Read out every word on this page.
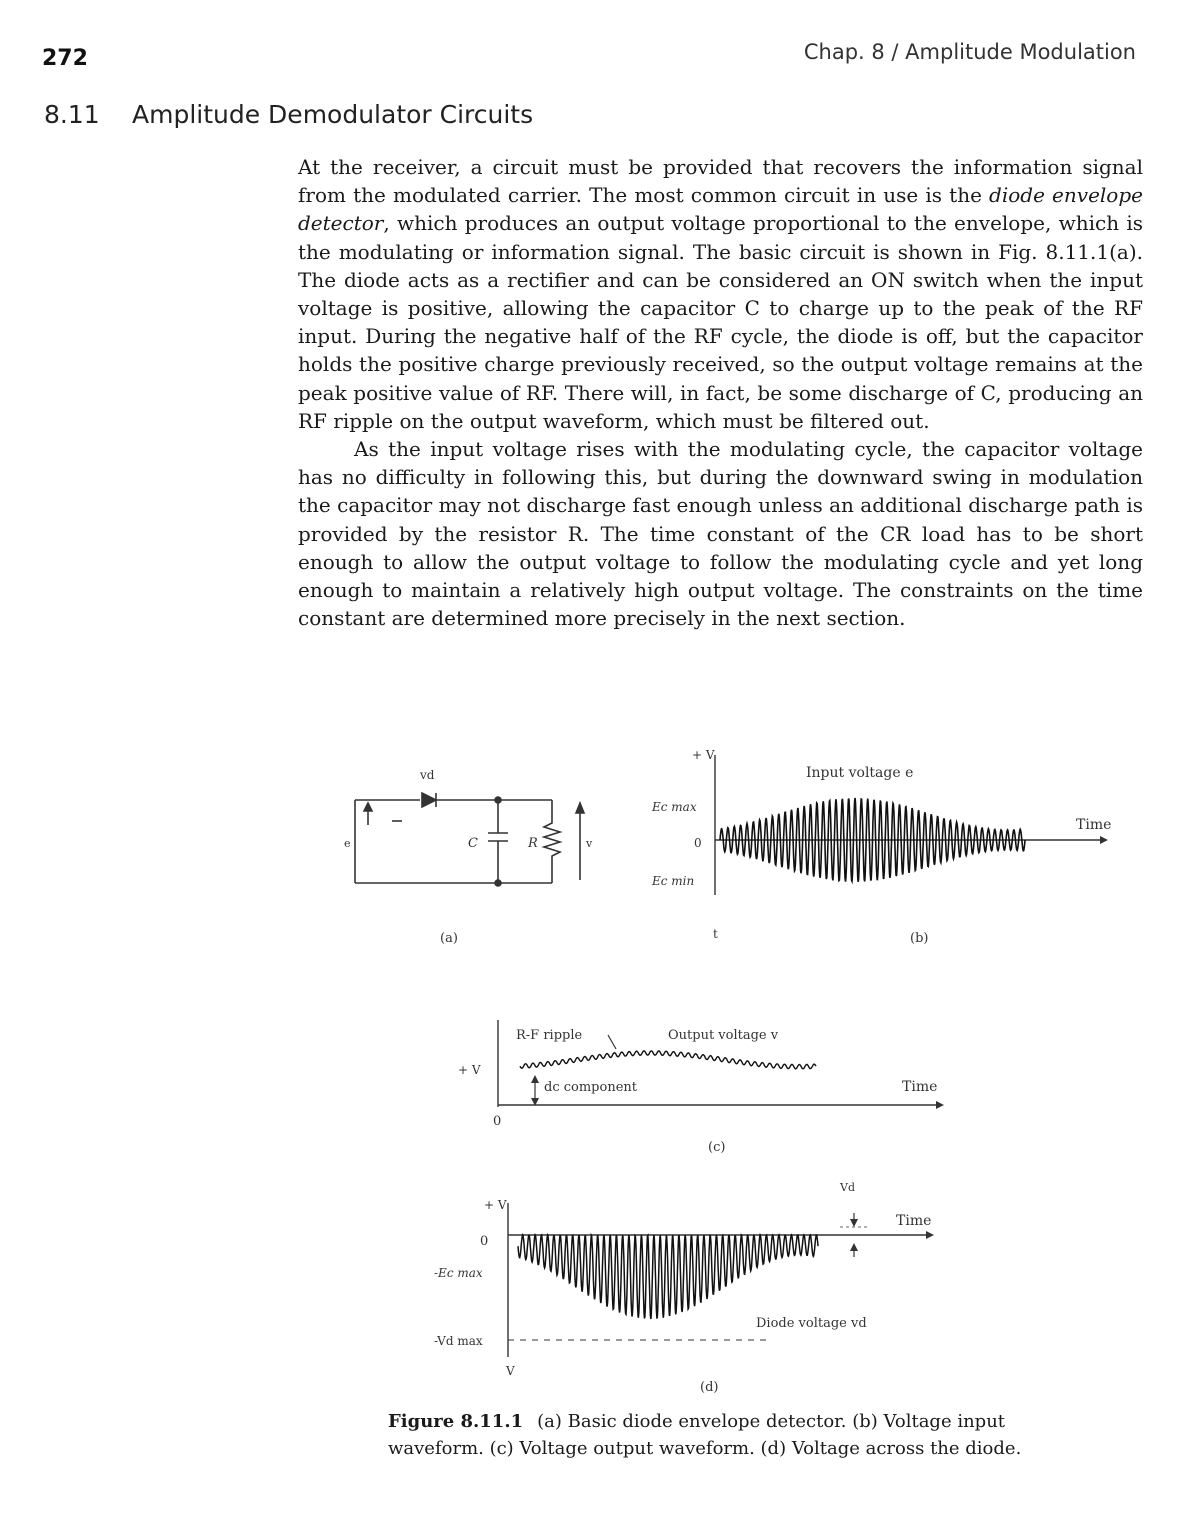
272	Chap. 8 / Amplitude Modulation
8.11 Amplitude Demodulator Circuits

At the receiver, a circuit must be provided that recovers the information signal from the modulated carrier. The most common circuit in use is the diode envelope detector, which produces an output voltage proportional to the envelope, which is the modulating or information signal. The basic circuit is shown in Fig. 8.11.1(a). The diode acts as a rectifier and can be considered an ON switch when the input voltage is positive, allowing the capacitor C to charge up to the peak of the RF input. During the negative half of the RF cycle, the diode is off, but the capacitor holds the positive charge previously received, so the output voltage remains at the peak positive value of RF. There will, in fact, be some discharge of C, producing an RF ripple on the output waveform, which must be filtered out.

As the input voltage rises with the modulating cycle, the capacitor voltage has no difficulty in following this, but during the downward swing in modulation the capacitor may not discharge fast enough unless an additional discharge path is provided by the resistor R. The time constant of the CR load has to be short enough to allow the output voltage to follow the modulating cycle and yet long enough to maintain a relatively high output voltage. The constraints on the time constant are determined more precisely in the next section.

vd
C	R
e	v
(a)
+ V
Ec max
0
Ec min
Input voltage e
Time
t	(b)
+ V
0
R-F ripple	Output voltage v
dc component	Time
(c)
+ V
0
-Ec max
-Vd max
Vd
Time
Diode voltage vd
V
(d)
Figure 8.11.1 (a) Basic diode envelope detector. (b) Voltage input waveform. (c) Voltage output waveform. (d) Voltage across the diode.
